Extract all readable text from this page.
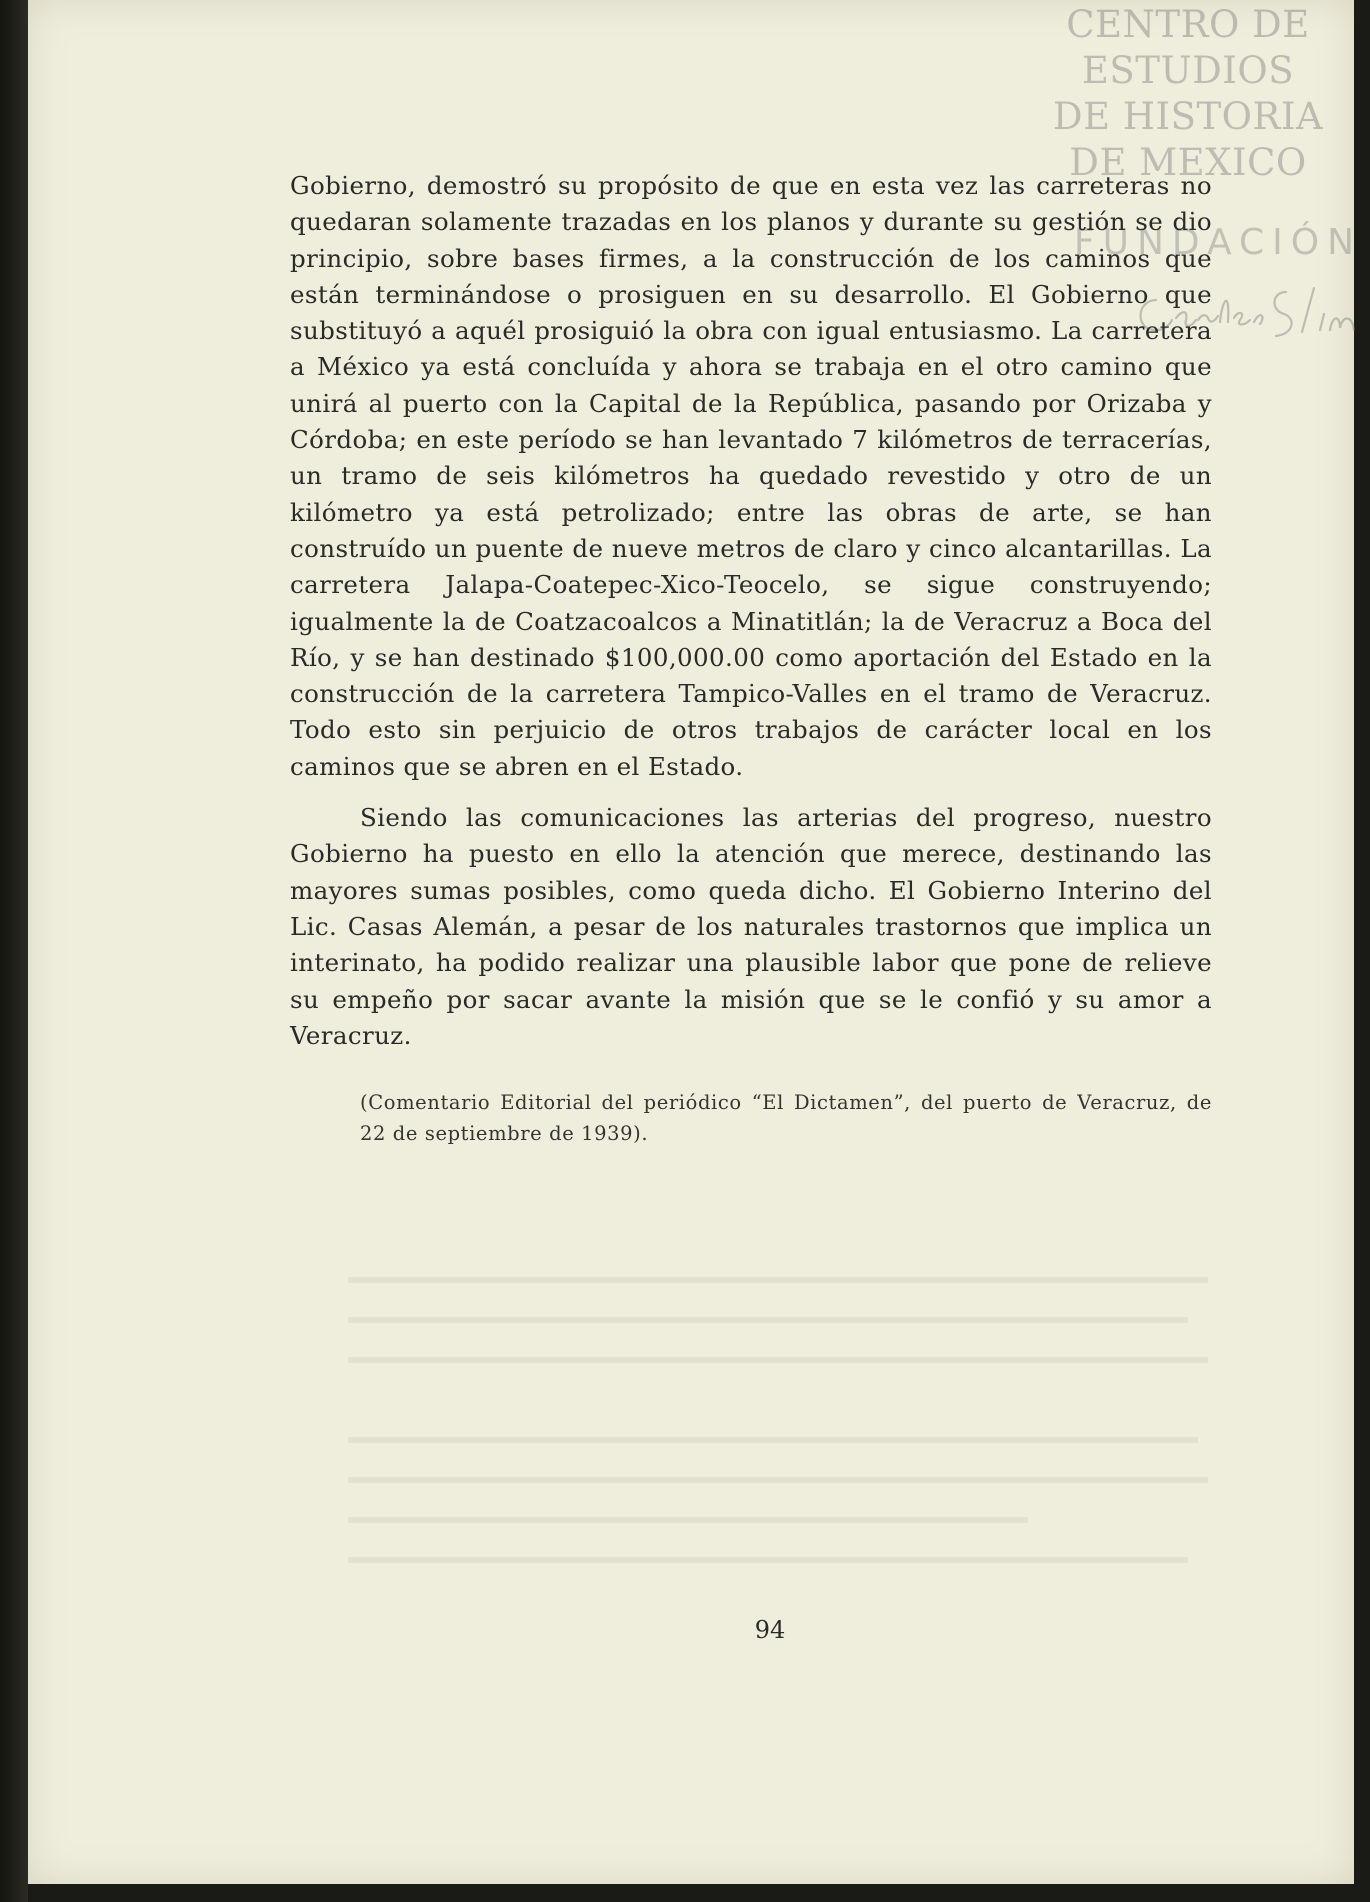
CENTRO DE
ESTUDIOS
DE HISTORIA
DE MEXICO
FUNDACIÓN

Gobierno, demostró su propósito de que en esta vez las carreteras no quedaran solamente trazadas en los planos y durante su gestión se dio principio, sobre bases firmes, a la construcción de los caminos que están terminándose o prosiguen en su desarrollo. El Gobierno que substituyó a aquél prosiguió la obra con igual entusiasmo. La carretera a México ya está concluída y ahora se trabaja en el otro camino que unirá al puerto con la Capital de la República, pasando por Orizaba y Córdoba; en este período se han levantado 7 kilómetros de terracerías, un tramo de seis kilómetros ha quedado revestido y otro de un kilómetro ya está petrolizado; entre las obras de arte, se han construído un puente de nueve metros de claro y cinco alcantarillas. La carretera Jalapa-Coatepec-Xico-Teocelo, se sigue construyendo; igualmente la de Coatzacoalcos a Minatitlán; la de Veracruz a Boca del Río, y se han destinado $100,000.00 como aportación del Estado en la construcción de la carretera Tampico-Valles en el tramo de Veracruz. Todo esto sin perjuicio de otros trabajos de carácter local en los caminos que se abren en el Estado.

Siendo las comunicaciones las arterias del progreso, nuestro Gobierno ha puesto en ello la atención que merece, destinando las mayores sumas posibles, como queda dicho. El Gobierno Interino del Lic. Casas Alemán, a pesar de los naturales trastornos que implica un interinato, ha podido realizar una plausible labor que pone de relieve su empeño por sacar avante la misión que se le confió y su amor a Veracruz.

(Comentario Editorial del periódico “El Dictamen”, del puerto de Veracruz, de 22 de septiembre de 1939).

94
